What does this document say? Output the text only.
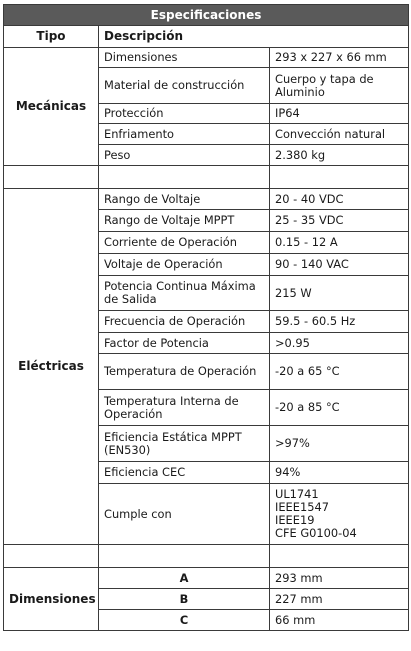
Especificaciones		
Tipo	Descripción	
Mecánicas	Dimensiones	293 x 227 x 66 mm
	Material de construcción	Cuerpo y tapa de Aluminio
	Protección	IP64
	Enfriamento	Convección natural
	Peso	2.380 kg

Eléctricas	Rango de Voltaje	20 - 40 VDC
	Rango de Voltaje MPPT	25 - 35 VDC
	Corriente de Operación	0.15 - 12 A
	Voltaje de Operación	90 - 140 VAC
	Potencia Continua Máxima de Salida	215 W
	Frecuencia de Operación	59.5 - 60.5 Hz
	Factor de Potencia	>0.95
	Temperatura de Operación	-20 a 65 °C
	Temperatura Interna de Operación	-20 a 85 °C
	Eficiencia Estática MPPT (EN530)	>97%
	Eficiencia CEC	94%
	Cumple con	UL1741
IEEE1547
IEEE19
CFE G0100-04

Dimensiones	A	293 mm
	B	227 mm
	C	66 mm
